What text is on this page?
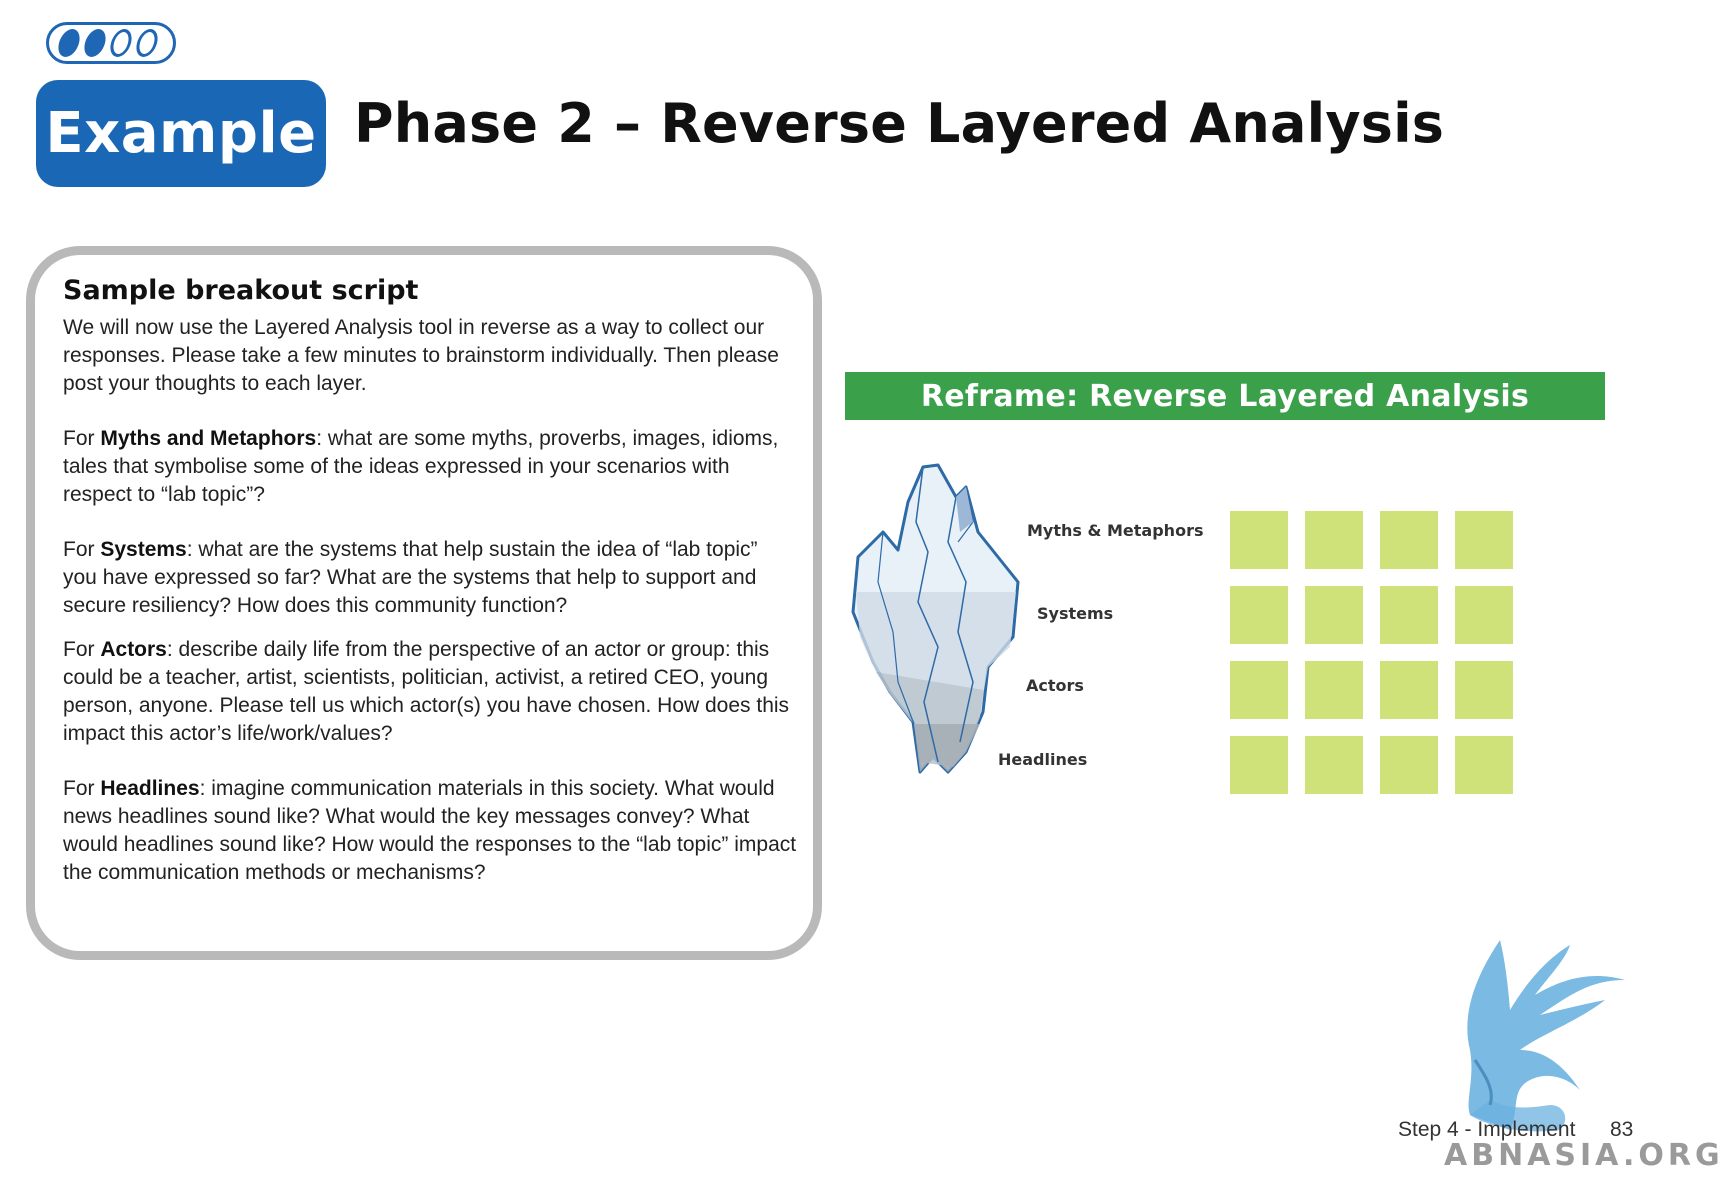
Example Phase 2 – Reverse Layered Analysis

Sample breakout script

We will now use the Layered Analysis tool in reverse as a way to collect our responses. Please take a few minutes to brainstorm individually. Then please post your thoughts to each layer.

For Myths and Metaphors: what are some myths, proverbs, images, idioms, tales that symbolise some of the ideas expressed in your scenarios with respect to “lab topic”?

For Systems: what are the systems that help sustain the idea of “lab topic” you have expressed so far? What are the systems that help to support and secure resiliency? How does this community function?

For Actors: describe daily life from the perspective of an actor or group: this could be a teacher, artist, scientists, politician, activist, a retired CEO, young person, anyone. Please tell us which actor(s) you have chosen. How does this impact this actor’s life/work/values?

For Headlines: imagine communication materials in this society. What would news headlines sound like? What would the key messages convey? What would headlines sound like? How would the responses to the “lab topic” impact the communication methods or mechanisms?

Reframe: Reverse Layered Analysis
Myths & Metaphors
Systems
Actors
Headlines
Step 4 - Implement 83
ABNASIA.ORG
